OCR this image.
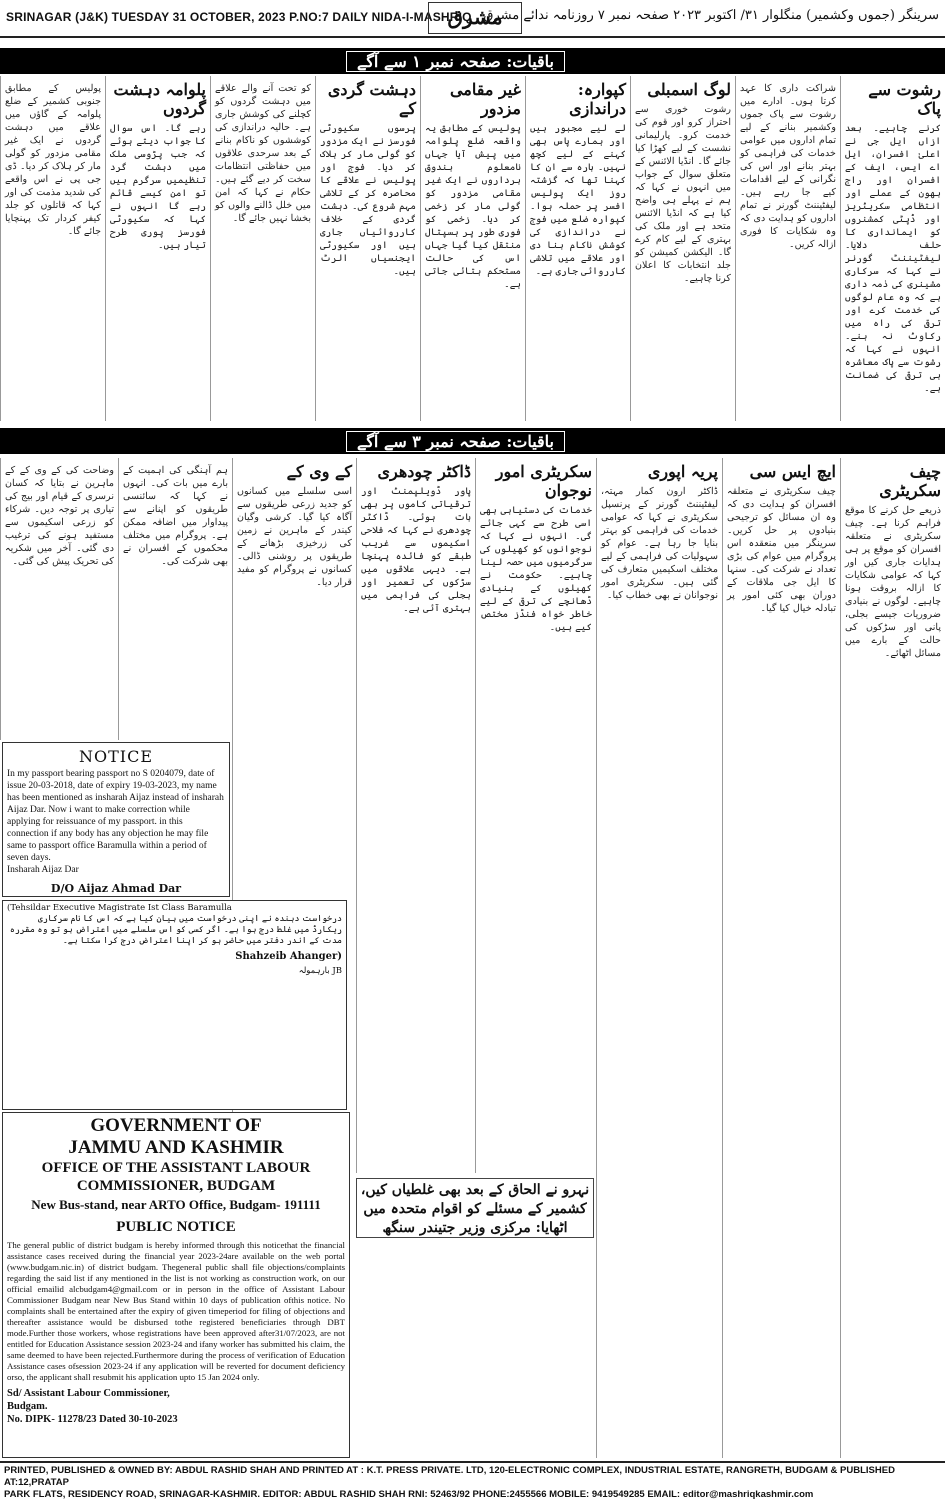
SRINAGAR (J&K) TUESDAY 31 OCTOBER, 2023 P.NO:7 DAILY NIDA-I-MASHRIQ
مشرق
سرینگر (جموں وکشمیر) منگلوار ۳۱/ اکتوبر ۲۰۲۳ صفحہ نمبر ۷ روزنامہ ندائے مشرق
باقیات: صفحہ نمبر ۱ سے آگے
رشوت سے پاک
کرنے چاہیے۔ بعد ازاں ایل جی نے اعلیٰ افسران، ایل اے ایس، ایف کے افسران اور راج بھون کے عملے اور انتظامی سکریٹریز اور ڈپٹی کمشنروں کو ایمانداری کا حلف دلایا۔ لیفٹیننٹ گورنر نے کہا کہ سرکاری مشینری کی ذمہ داری ہے کہ وہ عام لوگوں کی خدمت کرے اور ترقی کی راہ میں رکاوٹ نہ بنے۔ انہوں نے کہا کہ رشوت سے پاک معاشرہ ہی ترقی کی ضمانت ہے۔
شراکت داری کا عہد کرتا ہوں۔ ادارے میں رشوت سے پاک جموں وکشمیر بنانے کے لیے تمام اداروں میں عوامی خدمات کی فراہمی کو بہتر بنانے اور اس کی نگرانی کے لیے اقدامات کیے جا رہے ہیں۔ لیفٹیننٹ گورنر نے تمام اداروں کو ہدایت دی کہ وہ شکایات کا فوری ازالہ کریں۔
لوگ اسمبلی
رشوت خوری سے احتراز کرو اور قوم کی خدمت کرو۔ پارلیمانی نشست کے لیے کھڑا کیا جائے گا۔ انڈیا الائنس کے متعلق سوال کے جواب میں انہوں نے کہا کہ ہم نے پہلے ہی واضح کیا ہے کہ انڈیا الائنس متحد ہے اور ملک کی بہتری کے لیے کام کرے گا۔ الیکشن کمیشن کو جلد انتخابات کا اعلان کرنا چاہیے۔
کپوارہ: دراندازی
لے لیے مجبور ہیں اور ہمارے پاس بھی کہنے کے لیے کچھ نہیں۔ بارہ سے ان کا کہنا تھا کہ گزشتہ روز ایک پولیس افسر پر حملہ ہوا۔ کپوارہ ضلع میں فوج نے دراندازی کی کوشش ناکام بنا دی اور علاقے میں تلاشی کارروائی جاری ہے۔
غیر مقامی مزدور
پولیس کے مطابق یہ واقعہ ضلع پلوامہ میں پیش آیا جہاں نامعلوم بندوق برداروں نے ایک غیر مقامی مزدور کو گولی مار کر زخمی کر دیا۔ زخمی کو فوری طور پر ہسپتال منتقل کیا گیا جہاں اس کی حالت مستحکم بتائی جاتی ہے۔
دہشت گردی کے
پرسوں سکیورٹی فورسز نے ایک مزدور کو گولی مار کر ہلاک کر دیا۔ فوج اور پولیس نے علاقے کا محاصرہ کر کے تلاشی مہم شروع کی۔ دہشت گردی کے خلاف کارروائیاں جاری ہیں اور سکیورٹی ایجنسیاں الرٹ ہیں۔
کو تحت آنے والے علاقے میں دہشت گردوں کو کچلنے کی کوشش جاری ہے۔ حالیہ دراندازی کی کوششوں کو ناکام بنانے کے بعد سرحدی علاقوں میں حفاظتی انتظامات سخت کر دیے گئے ہیں۔ حکام نے کہا کہ امن میں خلل ڈالنے والوں کو بخشا نہیں جائے گا۔
پلوامہ دہشت گردوں
رہے گا۔ اس سوال کا جواب دیتے ہوئے کہ جب پڑوسی ملک میں دہشت گرد تنظیمیں سرگرم ہیں تو امن کیسے قائم رہے گا انہوں نے کہا کہ سکیورٹی فورسز پوری طرح تیار ہیں۔
پولیس کے مطابق جنوبی کشمیر کے ضلع پلوامہ کے گاؤں میں علاقے میں دہشت گردوں نے ایک غیر مقامی مزدور کو گولی مار کر ہلاک کر دیا۔ ڈی جی پی نے اس واقعے کی شدید مذمت کی اور کہا کہ قاتلوں کو جلد کیفر کردار تک پہنچایا جائے گا۔
باقیات: صفحہ نمبر ۳ سے آگے
چیف سکریٹری
ذریعے حل کرنے کا موقع فراہم کرنا ہے۔ چیف سکریٹری نے متعلقہ افسران کو موقع پر ہی ہدایات جاری کیں اور کہا کہ عوامی شکایات کا ازالہ بروقت ہونا چاہیے۔ لوگوں نے بنیادی ضروریات جیسے بجلی، پانی اور سڑکوں کی حالت کے بارے میں مسائل اٹھائے۔
ایچ ایس سی
چیف سکریٹری نے متعلقہ افسران کو ہدایت دی کہ وہ ان مسائل کو ترجیحی بنیادوں پر حل کریں۔ سرینگر میں منعقدہ اس پروگرام میں عوام کی بڑی تعداد نے شرکت کی۔ سنہا کا ایل جی ملاقات کے دوران بھی کئی امور پر تبادلہ خیال کیا گیا۔
پریہ اپوری
ڈاکٹر ارون کمار مہتہ، لیفٹیننٹ گورنر کے پرنسپل سکریٹری نے کہا کہ عوامی خدمات کی فراہمی کو بہتر بنایا جا رہا ہے۔ عوام کو سہولیات کی فراہمی کے لیے مختلف اسکیمیں متعارف کی گئی ہیں۔ سکریٹری امور نوجوانان نے بھی خطاب کیا۔
سکریٹری امور نوجوان
خدمات کی دستیابی بھی اسی طرح سے کہی جائے گی۔ انہوں نے کہا کہ نوجوانوں کو کھیلوں کی سرگرمیوں میں حصہ لینا چاہیے۔ حکومت نے کھیلوں کے بنیادی ڈھانچے کی ترقی کے لیے خاطر خواہ فنڈز مختص کیے ہیں۔
ڈاکٹر چودھری
پاور ڈویلپمنٹ اور ترقیاتی کاموں پر بھی بات ہوئی۔ ڈاکٹر چودھری نے کہا کہ فلاحی اسکیموں سے غریب طبقے کو فائدہ پہنچا ہے۔ دیہی علاقوں میں سڑکوں کی تعمیر اور بجلی کی فراہمی میں بہتری آئی ہے۔
کے وی کے
اسی سلسلے میں کسانوں کو جدید زرعی طریقوں سے آگاہ کیا گیا۔ کرشی وگیان کیندر کے ماہرین نے زمین کی زرخیزی بڑھانے کے طریقوں پر روشنی ڈالی۔ کسانوں نے پروگرام کو مفید قرار دیا۔
ہم آہنگی کی اہمیت کے بارے میں بات کی۔ انہوں نے کہا کہ سائنسی طریقوں کو اپنانے سے پیداوار میں اضافہ ممکن ہے۔ پروگرام میں مختلف محکموں کے افسران نے بھی شرکت کی۔
وضاحت کی کے وی کے کے ماہرین نے بتایا کہ کسان نرسری کے قیام اور بیج کی تیاری پر توجہ دیں۔ شرکاء کو زرعی اسکیموں سے مستفید ہونے کی ترغیب دی گئی۔ آخر میں شکریہ کی تحریک پیش کی گئی۔
نہرو نے الحاق کے بعد بھی غلطیاں کیں، کشمیر کے مسئلے کو اقوام متحدہ میں اٹھایا: مرکزی وزیر جتیندر سنگھ
NOTICE

In my passport bearing passport no S 0204079, date of issue 20-03-2018, date of expiry 19-03-2023, my name has been mentioned as insharah Aijaz instead of insharah Aijaz Dar. Now i want to make correction while applying for reissuance of my passport. in this connection if any body has any objection he may file same to passport office Baramulla within a period of seven days.

Insharah Aijaz Dar

D/O Aijaz Ahmad Dar
(Tehsildar Executive Magistrate Ist Class Baramulla
درخواست دہندہ نے اپنی درخواست میں بیان کیا ہے کہ اس کا نام سرکاری ریکارڈ میں غلط درج ہوا ہے۔ اگر کسی کو اس سلسلے میں اعتراض ہو تو وہ مقررہ مدت کے اندر دفتر میں حاضر ہو کر اپنا اعتراض درج کرا سکتا ہے۔
Shahzeib Ahanger)
JB بارہمولہ
GOVERNMENT OF
JAMMU AND KASHMIR
OFFICE OF THE ASSISTANT LABOUR
COMMISSIONER, BUDGAM
New Bus-stand, near ARTO Office, Budgam- 191111
PUBLIC NOTICE
The general public of district budgam is hereby informed through this noticethat the financial assistance cases received during the financial year 2023-24are available on the web portal (www.budgam.nic.in) of district budgam. Thegeneral public shall file objections/complaints regarding the said list if any mentioned in the list is not working as construction work, on our official emailid alcbudgam4@gmail.com or in person in the office of Assistant Labour Commissioner Budgam near New Bus Stand within 10 days of publication ofthis notice. No complaints shall be entertained after the expiry of given timeperiod for filing of objections and thereafter assistance would be disbursed tothe registered beneficiaries through DBT mode.Further those workers, whose registrations have been approved after31/07/2023, are not entitled for Education Assistance session 2023-24 and ifany worker has submitted his claim, the same deemed to have been rejected.Furthermore during the process of verification of Education Assistance cases ofsession 2023-24 if any application will be reverted for document deficiency orso, the applicant shall resubmit his application upto 15 Jan 2024 only.
Sd/ Assistant Labour Commissioner,
Budgam.
No. DIPK- 11278/23 Dated 30-10-2023
PRINTED, PUBLISHED & OWNED BY: ABDUL RASHID SHAH AND PRINTED AT : K.T. PRESS PRIVATE. LTD, 120-ELECTRONIC COMPLEX, INDUSTRIAL ESTATE, RANGRETH, BUDGAM & PUBLISHED AT:12,PRATAP
PARK FLATS, RESIDENCY ROAD, SRINAGAR-KASHMIR. EDITOR: ABDUL RASHID SHAH RNI: 52463/92 PHONE:2455566 MOBILE: 9419549285 EMAIL: editor@mashriqkashmir.com
